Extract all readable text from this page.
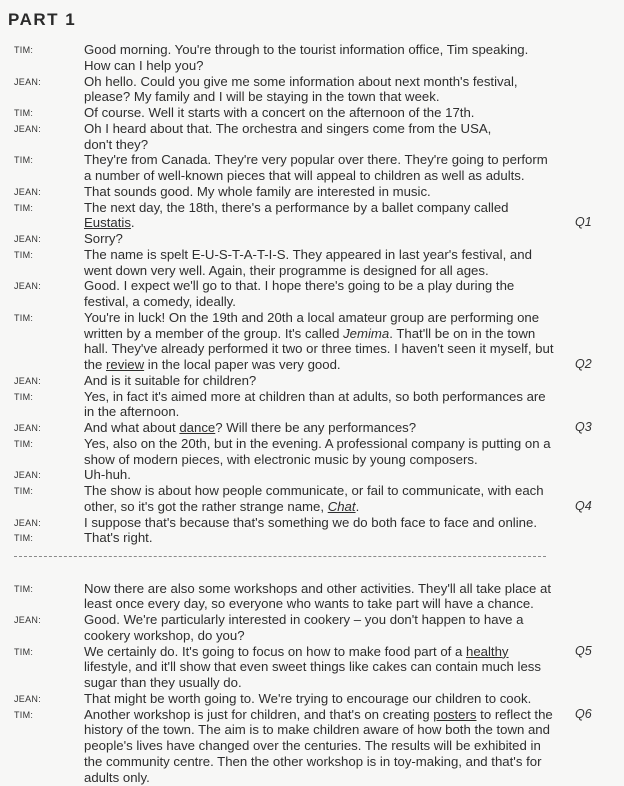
PART 1
TIM:	Good morning. You're through to the tourist information office, Tim speaking.
How can I help you?
JEAN:	Oh hello. Could you give me some information about next month's festival,
please? My family and I will be staying in the town that week.
TIM:	Of course. Well it starts with a concert on the afternoon of the 17th.
JEAN:	Oh I heard about that. The orchestra and singers come from the USA,
don't they?
TIM:	They're from Canada. They're very popular over there. They're going to perform
a number of well-known pieces that will appeal to children as well as adults.
JEAN:	That sounds good. My whole family are interested in music.
TIM:	The next day, the 18th, there's a performance by a ballet company called
Eustatis.	Q1
JEAN:	Sorry?
TIM:	The name is spelt E-U-S-T-A-T-I-S. They appeared in last year's festival, and
went down very well. Again, their programme is designed for all ages.
JEAN:	Good. I expect we'll go to that. I hope there's going to be a play during the
festival, a comedy, ideally.
TIM:	You're in luck! On the 19th and 20th a local amateur group are performing one
written by a member of the group. It's called Jemima. That'll be on in the town
hall. They've already performed it two or three times. I haven't seen it myself, but
the review in the local paper was very good.	Q2
JEAN:	And is it suitable for children?
TIM:	Yes, in fact it's aimed more at children than at adults, so both performances are
in the afternoon.
JEAN:	And what about dance? Will there be any performances?	Q3
TIM:	Yes, also on the 20th, but in the evening. A professional company is putting on a
show of modern pieces, with electronic music by young composers.
JEAN:	Uh-huh.
TIM:	The show is about how people communicate, or fail to communicate, with each
other, so it's got the rather strange name, Chat.	Q4
JEAN:	I suppose that's because that's something we do both face to face and online.
TIM:	That's right.
TIM:	Now there are also some workshops and other activities. They'll all take place at
least once every day, so everyone who wants to take part will have a chance.
JEAN:	Good. We're particularly interested in cookery – you don't happen to have a
cookery workshop, do you?
TIM:	We certainly do. It's going to focus on how to make food part of a healthy	Q5
lifestyle, and it'll show that even sweet things like cakes can contain much less
sugar than they usually do.
JEAN:	That might be worth going to. We're trying to encourage our children to cook.
TIM:	Another workshop is just for children, and that's on creating posters to reflect the Q6
history of the town. The aim is to make children aware of how both the town and
people's lives have changed over the centuries. The results will be exhibited in
the community centre. Then the other workshop is in toy-making, and that's for
adults only.
